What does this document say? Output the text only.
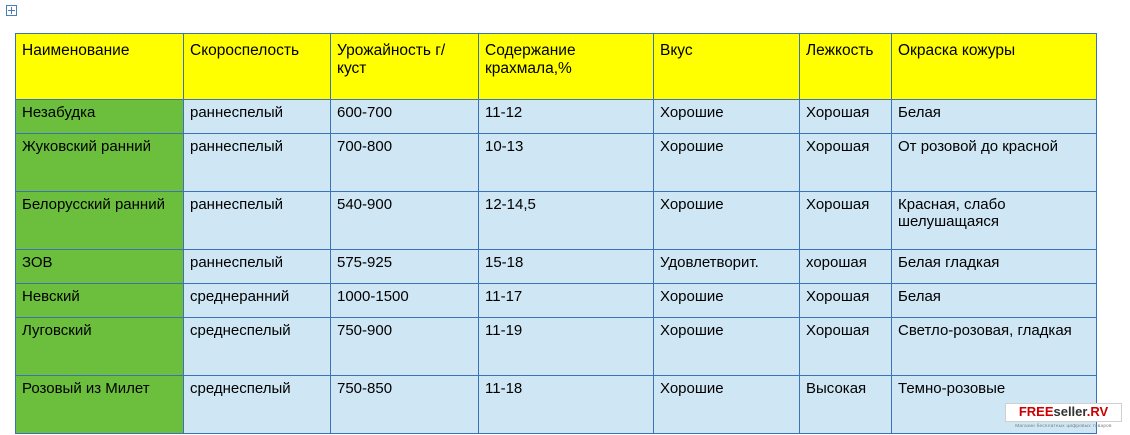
Наименование	Скороспелость	Урожайность г/куст	Содержание крахмала,%	Вкус	Лежкость	Окраска кожуры
Незабудка	раннеспелый	600-700	11-12	Хорошие	Хорошая	Белая
Жуковский ранний	раннеспелый	700-800	10-13	Хорошие	Хорошая	От розовой до красной
Белорусский ранний	раннеспелый	540-900	12-14,5	Хорошие	Хорошая	Красная, слабо шелушащаяся
ЗОВ	раннеспелый	575-925	15-18	Удовлетворит.	хорошая	Белая гладкая
Невский	среднеранний	1000-1500	11-17	Хорошие	Хорошая	Белая
Луговский	среднеспелый	750-900	11-19	Хорошие	Хорошая	Светло-розовая, гладкая
Розовый из Милет	среднеспелый	750-850	11-18	Хорошие	Высокая	Темно-розовые
FREEseller.RV
Магазин бесплатных цифровых товаров
